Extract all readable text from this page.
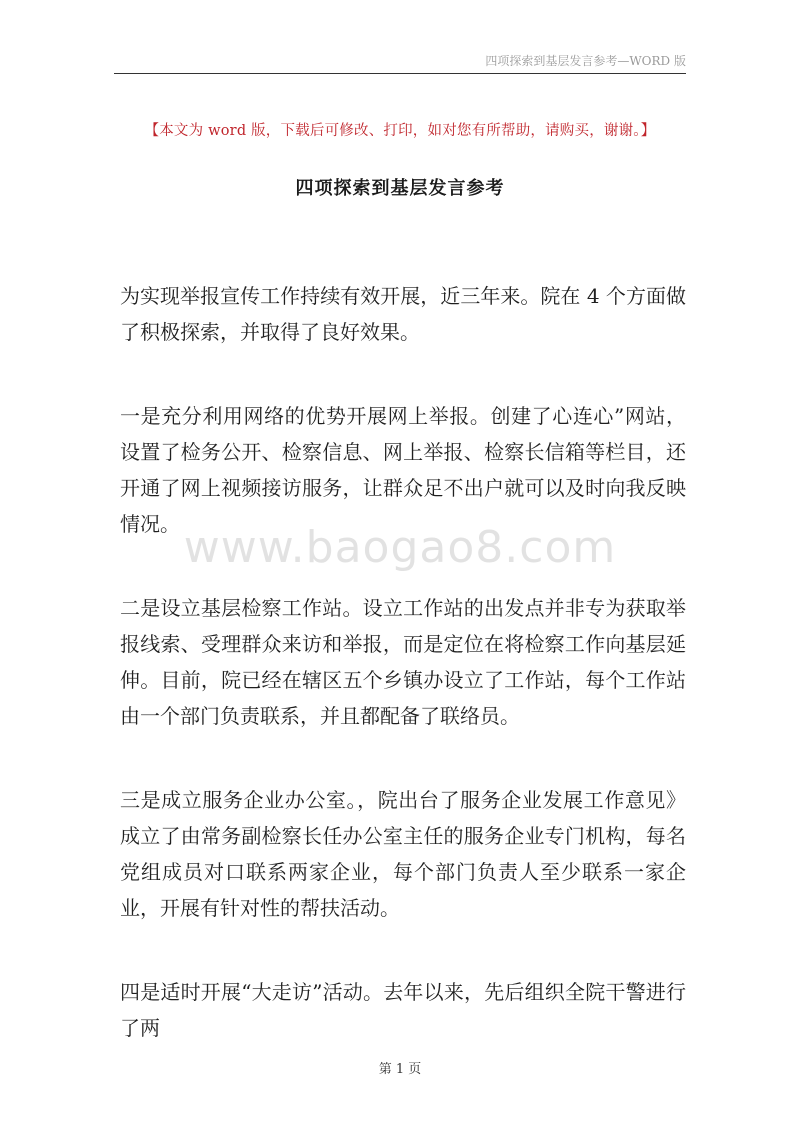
四项探索到基层发言参考—WORD 版
【本文为 word 版，下载后可修改、打印，如对您有所帮助，请购买，谢谢。】
四项探索到基层发言参考
www.baogao8.com

为实现举报宣传工作持续有效开展，近三年来。院在 4 个方面做了积极探索，并取得了良好效果。

一是充分利用网络的优势开展网上举报。创建了心连心”网站，设置了检务公开、检察信息、网上举报、检察长信箱等栏目，还开通了网上视频接访服务，让群众足不出户就可以及时向我反映情况。

二是设立基层检察工作站。设立工作站的出发点并非专为获取举报线索、受理群众来访和举报，而是定位在将检察工作向基层延伸。目前，院已经在辖区五个乡镇办设立了工作站，每个工作站由一个部门负责联系，并且都配备了联络员。

三是成立服务企业办公室。，院出台了服务企业发展工作意见》成立了由常务副检察长任办公室主任的服务企业专门机构，每名党组成员对口联系两家企业，每个部门负责人至少联系一家企业，开展有针对性的帮扶活动。

四是适时开展“大走访”活动。去年以来，先后组织全院干警进行了两

第 1 页
